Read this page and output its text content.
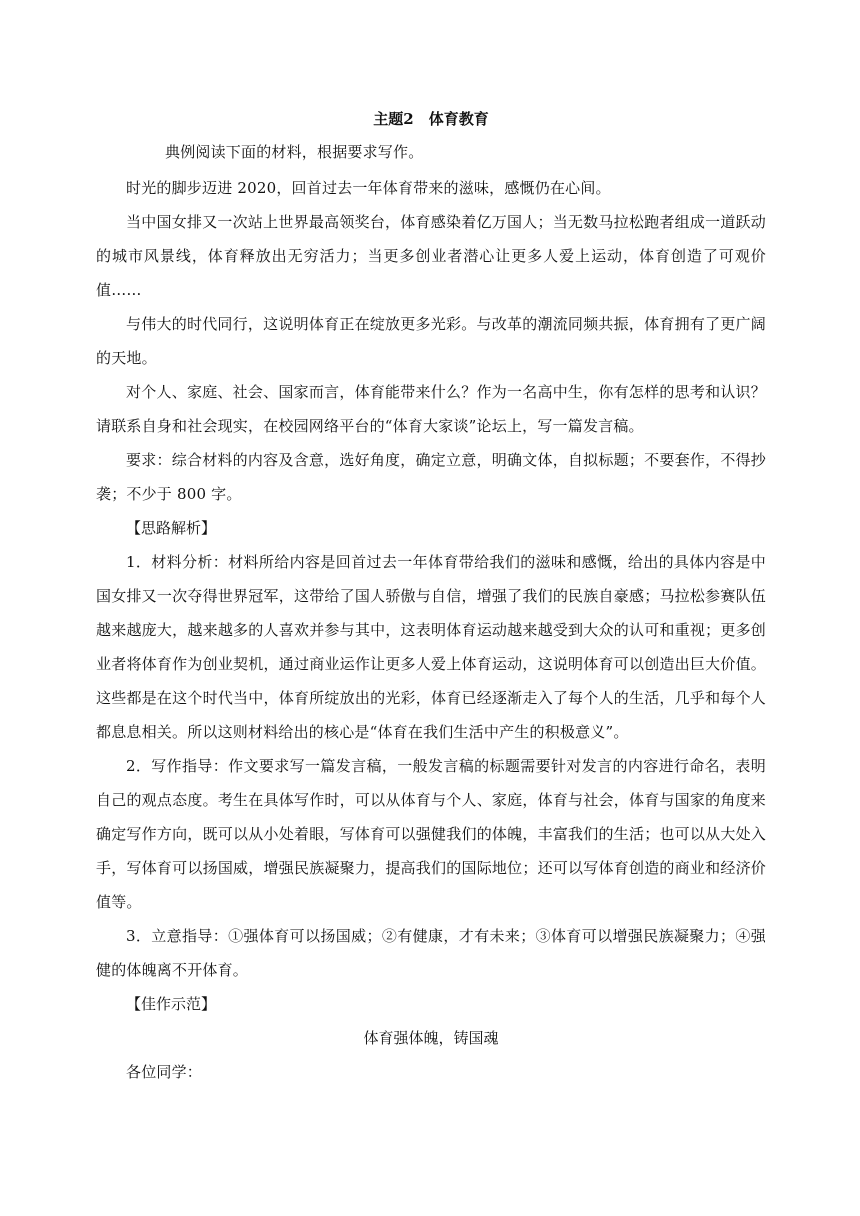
主题2　体育教育

典例阅读下面的材料，根据要求写作。

时光的脚步迈进 2020，回首过去一年体育带来的滋味，感慨仍在心间。

当中国女排又一次站上世界最高领奖台，体育感染着亿万国人；当无数马拉松跑者组成一道跃动的城市风景线，体育释放出无穷活力；当更多创业者潜心让更多人爱上运动，体育创造了可观价值……

与伟大的时代同行，这说明体育正在绽放更多光彩。与改革的潮流同频共振，体育拥有了更广阔的天地。

对个人、家庭、社会、国家而言，体育能带来什么？作为一名高中生，你有怎样的思考和认识？请联系自身和社会现实，在校园网络平台的“体育大家谈”论坛上，写一篇发言稿。

要求：综合材料的内容及含意，选好角度，确定立意，明确文体，自拟标题；不要套作，不得抄袭；不少于 800 字。

【思路解析】

1．材料分析：材料所给内容是回首过去一年体育带给我们的滋味和感慨，给出的具体内容是中国女排又一次夺得世界冠军，这带给了国人骄傲与自信，增强了我们的民族自豪感；马拉松参赛队伍越来越庞大，越来越多的人喜欢并参与其中，这表明体育运动越来越受到大众的认可和重视；更多创业者将体育作为创业契机，通过商业运作让更多人爱上体育运动，这说明体育可以创造出巨大价值。这些都是在这个时代当中，体育所绽放出的光彩，体育已经逐渐走入了每个人的生活，几乎和每个人都息息相关。所以这则材料给出的核心是“体育在我们生活中产生的积极意义”。

2．写作指导：作文要求写一篇发言稿，一般发言稿的标题需要针对发言的内容进行命名，表明自己的观点态度。考生在具体写作时，可以从体育与个人、家庭，体育与社会，体育与国家的角度来确定写作方向，既可以从小处着眼，写体育可以强健我们的体魄，丰富我们的生活；也可以从大处入手，写体育可以扬国威，增强民族凝聚力，提高我们的国际地位；还可以写体育创造的商业和经济价值等。

3．立意指导：①强体育可以扬国威；②有健康，才有未来；③体育可以增强民族凝聚力；④强健的体魄离不开体育。

【佳作示范】

体育强体魄，铸国魂

各位同学：
